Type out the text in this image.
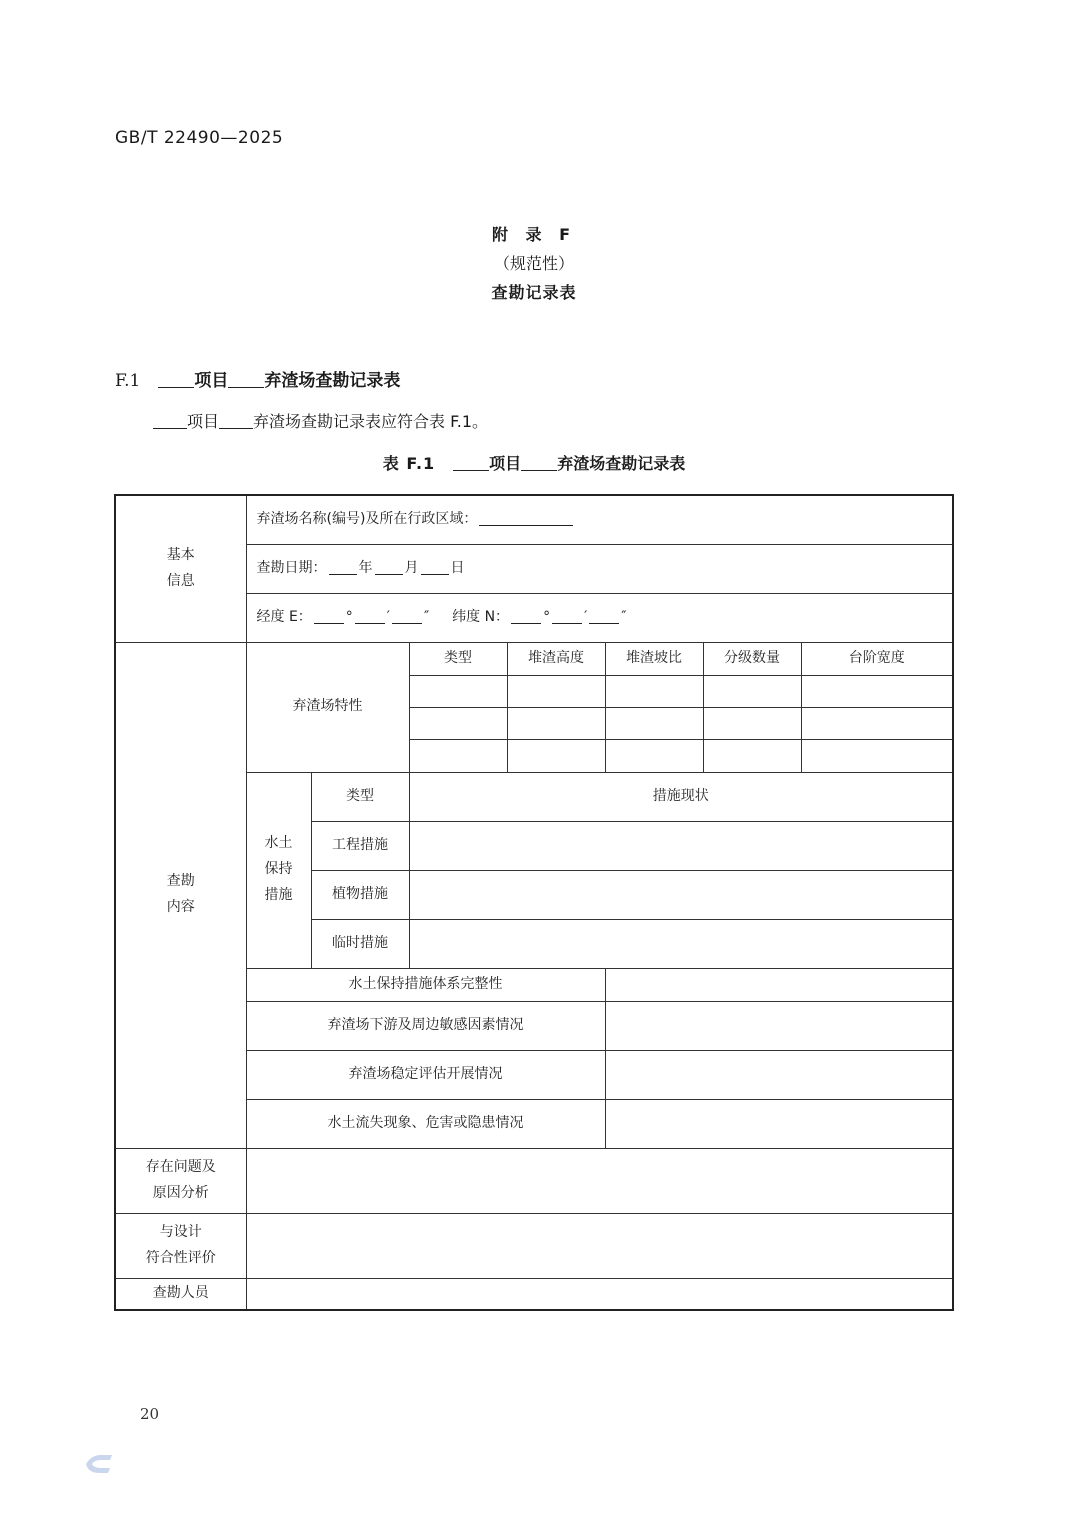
GB/T 22490—2025
附 录 F
（规范性）
查勘记录表
F.1	项目 弃渣场查勘记录表
项目 弃渣场查勘记录表应符合表 F.1。
表 F.1	项目 弃渣场查勘记录表
基本
信息	弃渣场名称(编号)及所在行政区域：						
	查勘日期： 年 月 日						
	经度 E： ° ′ ″ 纬度 N： ° ′ ″						

查勘
内容	弃渣场特性		类型	堆渣高度	堆渣坡比	分级数量	台阶宽度

	水土
保持
措施	类型	措施现状				
		工程措施					
		植物措施					
		临时措施					
	水土保持措施体系完整性						
	弃渣场下游及周边敏感因素情况						
	弃渣场稳定评估开展情况						
	水土流失现象、危害或隐患情况						

存在问题及
原因分析							

与设计
符合性评价							

查勘人员							
20
